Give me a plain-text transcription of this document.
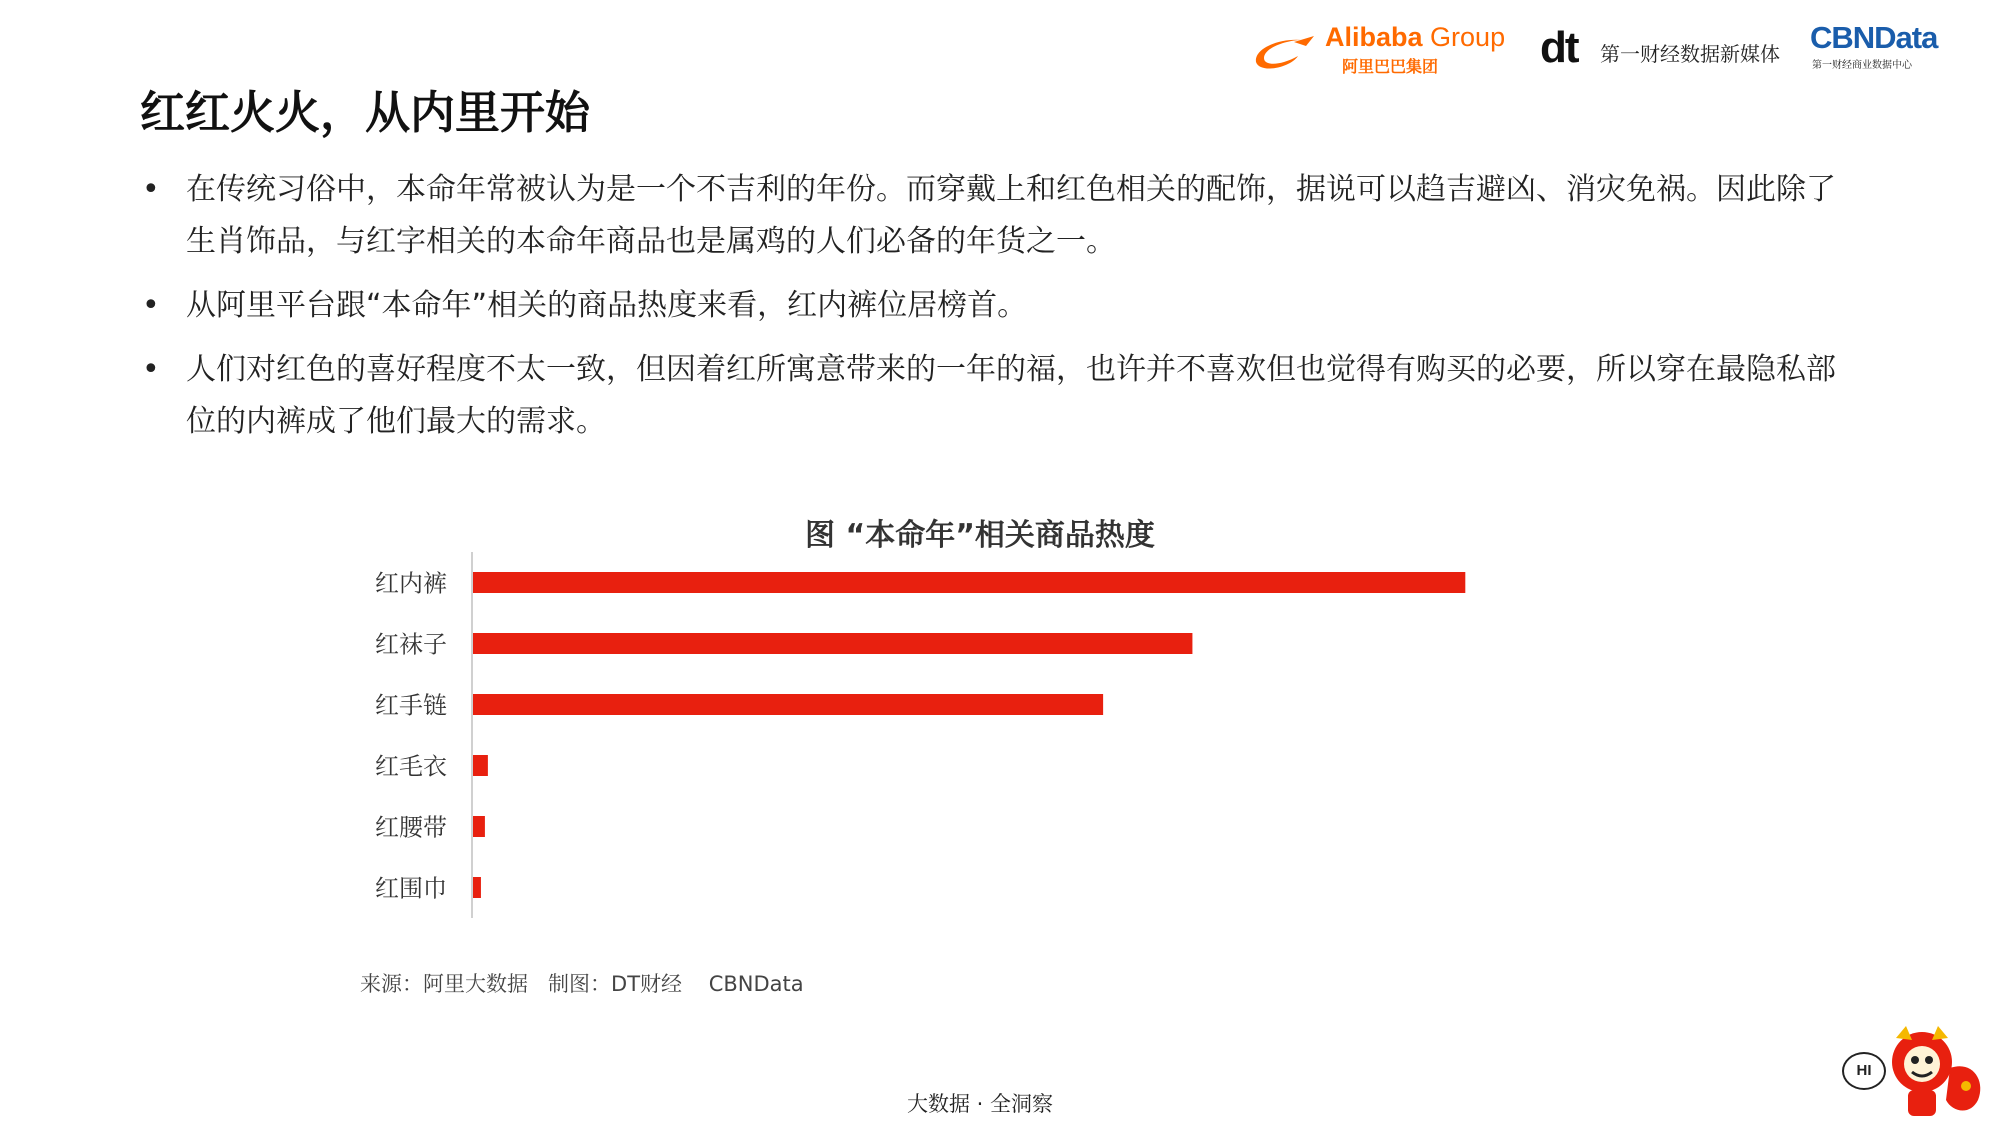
红红火火，从内里开始
Alibaba Group
阿里巴巴集团 dt 第一财经数据新媒体 CBNData
第一财经商业数据中心
• 在传统习俗中，本命年常被认为是一个不吉利的年份。而穿戴上和红色相关的配饰，据说可以趋吉避凶、消灾免祸。因此除了生肖饰品，与红字相关的本命年商品也是属鸡的人们必备的年货之一。
• 从阿里平台跟“本命年”相关的商品热度来看，红内裤位居榜首。
• 人们对红色的喜好程度不太一致，但因着红所寓意带来的一年的福，也许并不喜欢但也觉得有购买的必要，所以穿在最隐私部位的内裤成了他们最大的需求。
图 “本命年”相关商品热度
红内裤
红袜子
红手链
红毛衣
红腰带
红围巾
来源：阿里大数据   制图：DT财经    CBNData
大数据 · 全洞察
HI
